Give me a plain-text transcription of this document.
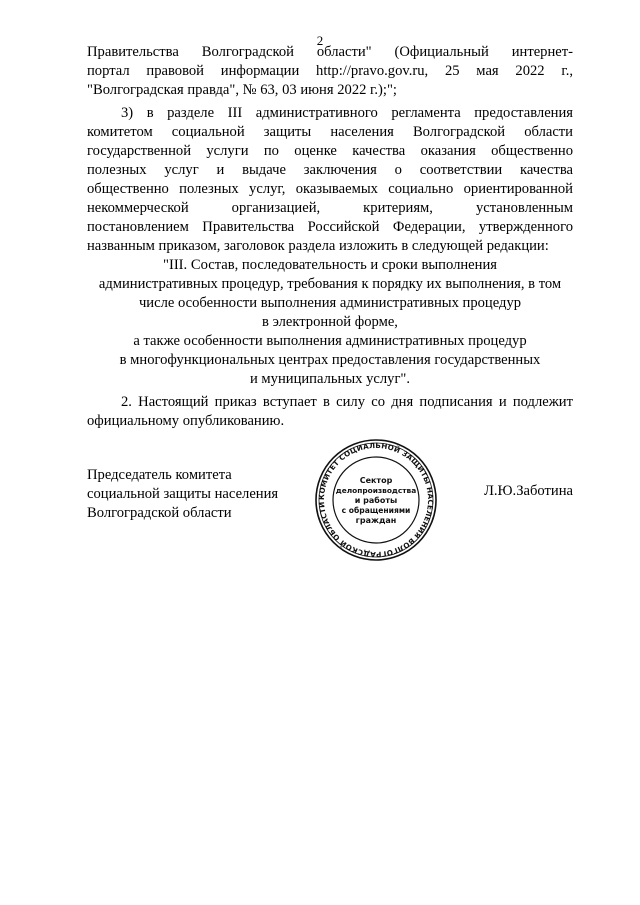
2
Правительства Волгоградской области" (Официальный интернет-
портал правовой информации http://pravo.gov.ru, 25 мая 2022 г.,
"Волгоградская правда", № 63, 03 июня 2022 г.);";
3) в разделе III административного регламента предоставления
комитетом социальной защиты населения Волгоградской области
государственной услуги по оценке качества оказания общественно
полезных услуг и выдаче заключения о соответствии качества
общественно полезных услуг, оказываемых социально ориентированной
некоммерческой организацией, критериям, установленным
постановлением Правительства Российской Федерации, утвержденного
названным приказом, заголовок раздела изложить в следующей редакции:
"III. Состав, последовательность и сроки выполнения
административных процедур, требования к порядку их выполнения, в том
числе особенности выполнения административных процедур
в электронной форме,
а также особенности выполнения административных процедур
в многофункциональных центрах предоставления государственных
и муниципальных услуг".
2. Настоящий приказ вступает в силу со дня подписания и подлежит
официальному опубликованию.
Председатель комитета
социальной защиты населения
Волгоградской области
КОМИТЕТ СОЦИАЛЬНОЙ ЗАЩИТЫ НАСЕЛЕНИЯ ВОЛГОГРАДСКОЙ ОБЛАСТИ
Сектор
делопроизводства
и работы
с обращениями
граждан
Л.Ю.Заботина
